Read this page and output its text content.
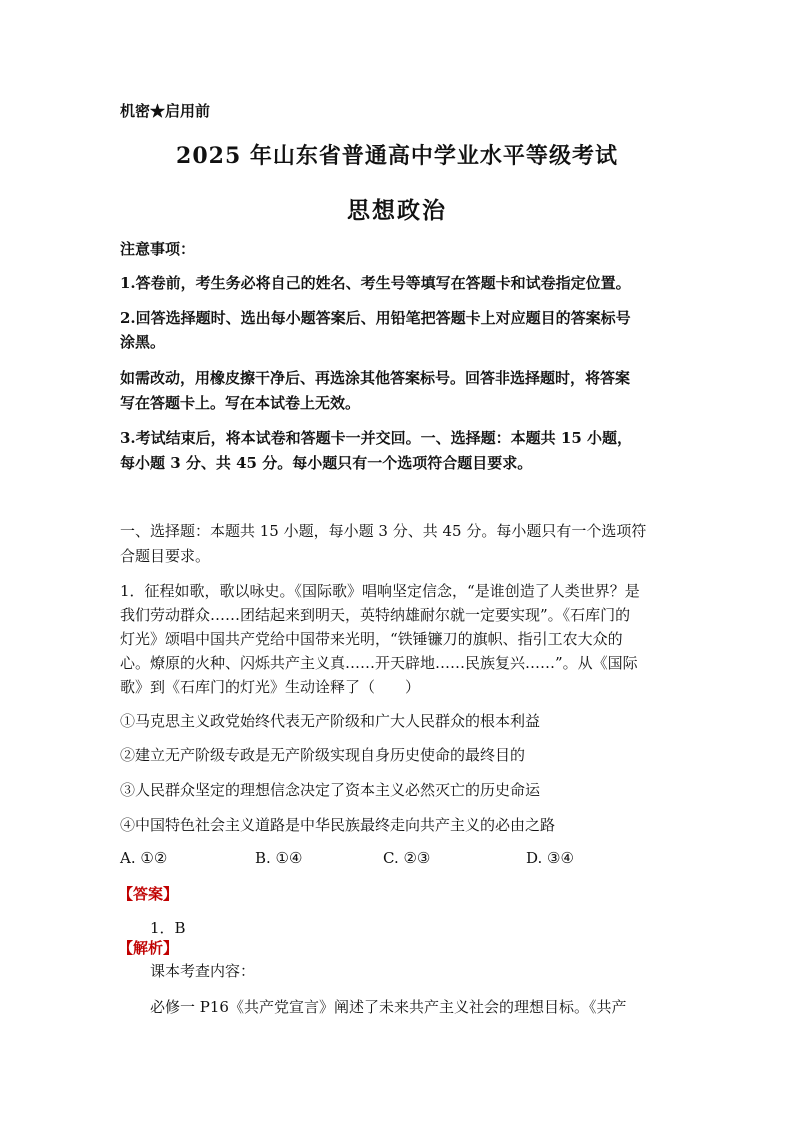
机密★启用前
2025 年山东省普通高中学业水平等级考试
思想政治
注意事项：
1.答卷前，考生务必将自己的姓名、考生号等填写在答题卡和试卷指定位置。
2.回答选择题时、选出每小题答案后、用铅笔把答题卡上对应题目的答案标号
涂黑。
如需改动，用橡皮擦干净后、再选涂其他答案标号。回答非选择题时，将答案
写在答题卡上。写在本试卷上无效。
3.考试结束后，将本试卷和答题卡一并交回。一、选择题：本题共 15 小题，
每小题 3 分、共 45 分。每小题只有一个选项符合题目要求。
一、选择题：本题共 15 小题，每小题 3 分、共 45 分。每小题只有一个选项符
合题目要求。
1．征程如歌，歌以咏史。《国际歌》唱响坚定信念，“是谁创造了人类世界？是
我们劳动群众……团结起来到明天，英特纳雄耐尔就一定要实现”。《石库门的
灯光》颂唱中国共产党给中国带来光明，“铁锤镰刀的旗帜、指引工农大众的
心。燎原的火种、闪烁共产主义真……开天辟地……民族复兴……”。从《国际
歌》到《石库门的灯光》生动诠释了（　　）
①马克思主义政党始终代表无产阶级和广大人民群众的根本利益
②建立无产阶级专政是无产阶级实现自身历史使命的最终目的
③人民群众坚定的理想信念决定了资本主义必然灭亡的历史命运
④中国特色社会主义道路是中华民族最终走向共产主义的必由之路
A. ①②	B. ①④	C. ②③	D. ③④
【答案】
1．B
【解析】
课本考查内容：
必修一 P16《共产党宣言》阐述了未来共产主义社会的理想目标。《共产
